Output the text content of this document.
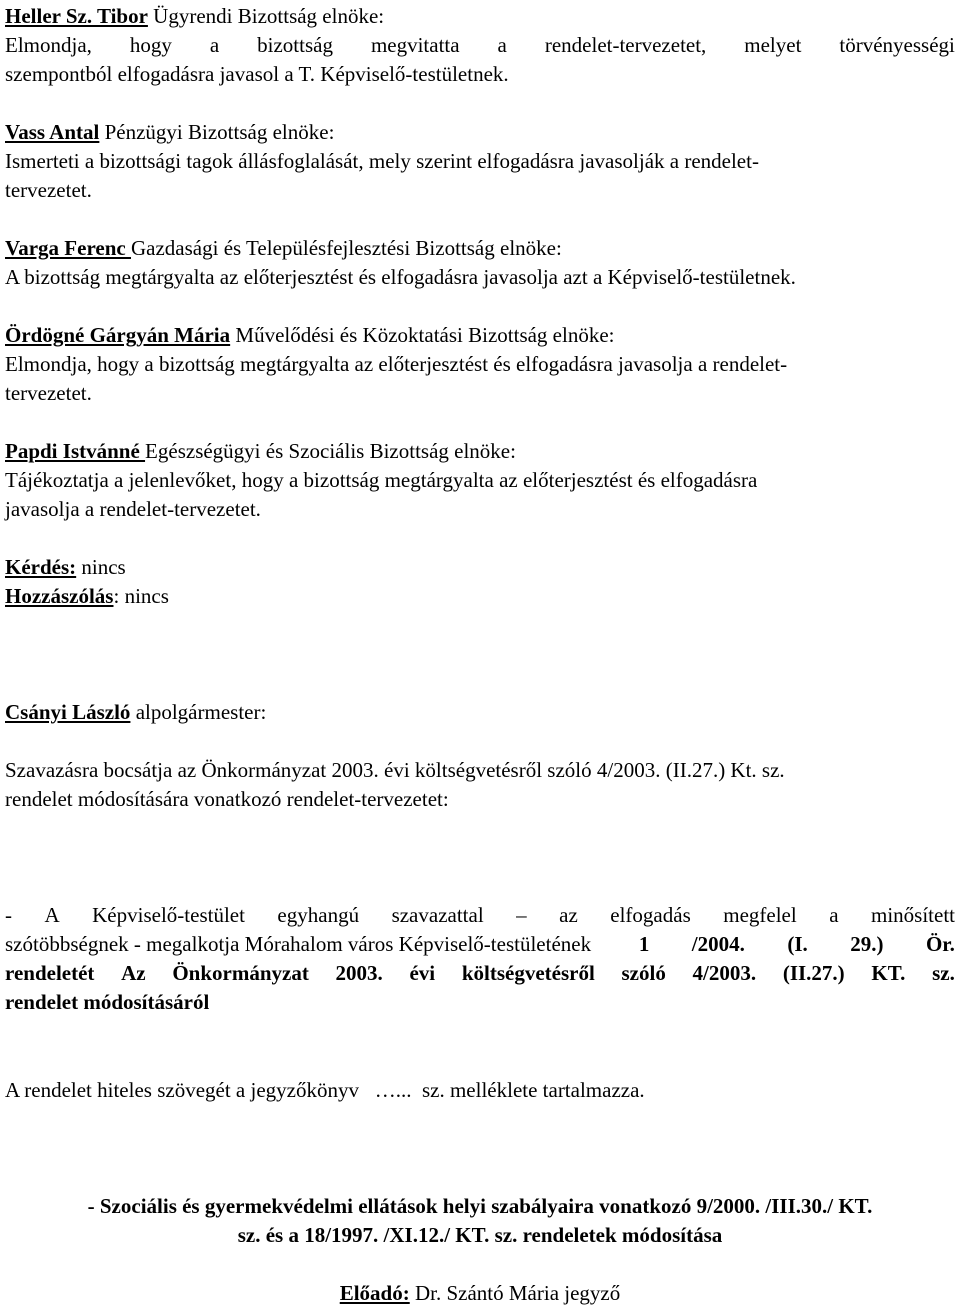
Heller Sz. Tibor Ügyrendi Bizottság elnöke:
Elmondja, hogy a bizottság megvitatta a rendelet-tervezetet, melyet törvényességi
szempontból elfogadásra javasol a T. Képviselő-testületnek.
Vass Antal Pénzügyi Bizottság elnöke:
Ismerteti a bizottsági tagok állásfoglalását, mely szerint elfogadásra javasolják a rendelet-
tervezetet.
Varga Ferenc Gazdasági és Településfejlesztési Bizottság elnöke:
A bizottság megtárgyalta az előterjesztést és elfogadásra javasolja azt a Képviselő-testületnek.
Ördögné Gárgyán Mária Művelődési és Közoktatási Bizottság elnöke:
Elmondja, hogy a bizottság megtárgyalta az előterjesztést és elfogadásra javasolja a rendelet-
tervezetet.
Papdi Istvánné Egészségügyi és Szociális Bizottság elnöke:
Tájékoztatja a jelenlevőket, hogy a bizottság megtárgyalta az előterjesztést és elfogadásra
javasolja a rendelet-tervezetet.
Kérdés: nincs
Hozzászólás: nincs
Csányi László alpolgármester:
Szavazásra bocsátja az Önkormányzat 2003. évi költségvetésről szóló 4/2003. (II.27.) Kt. sz.
rendelet módosítására vonatkozó rendelet-tervezetet:
- A Képviselő-testület egyhangú szavazattal – az elfogadás megfelel a minősített
szótöbbségnek - megalkotja Mórahalom város Képviselő-testületének 1 /2004. (I. 29.) Ör.
rendeletét Az Önkormányzat 2003. évi költségvetésről szóló 4/2003. (II.27.) KT. sz.
rendelet módosításáról
A rendelet hiteles szövegét a jegyzőkönyv   …...  sz. melléklete tartalmazza.
- Szociális és gyermekvédelmi ellátások helyi szabályaira vonatkozó 9/2000. /III.30./ KT.
sz. és a 18/1997. /XI.12./ KT. sz. rendeletek módosítása
Előadó: Dr. Szántó Mária jegyző
